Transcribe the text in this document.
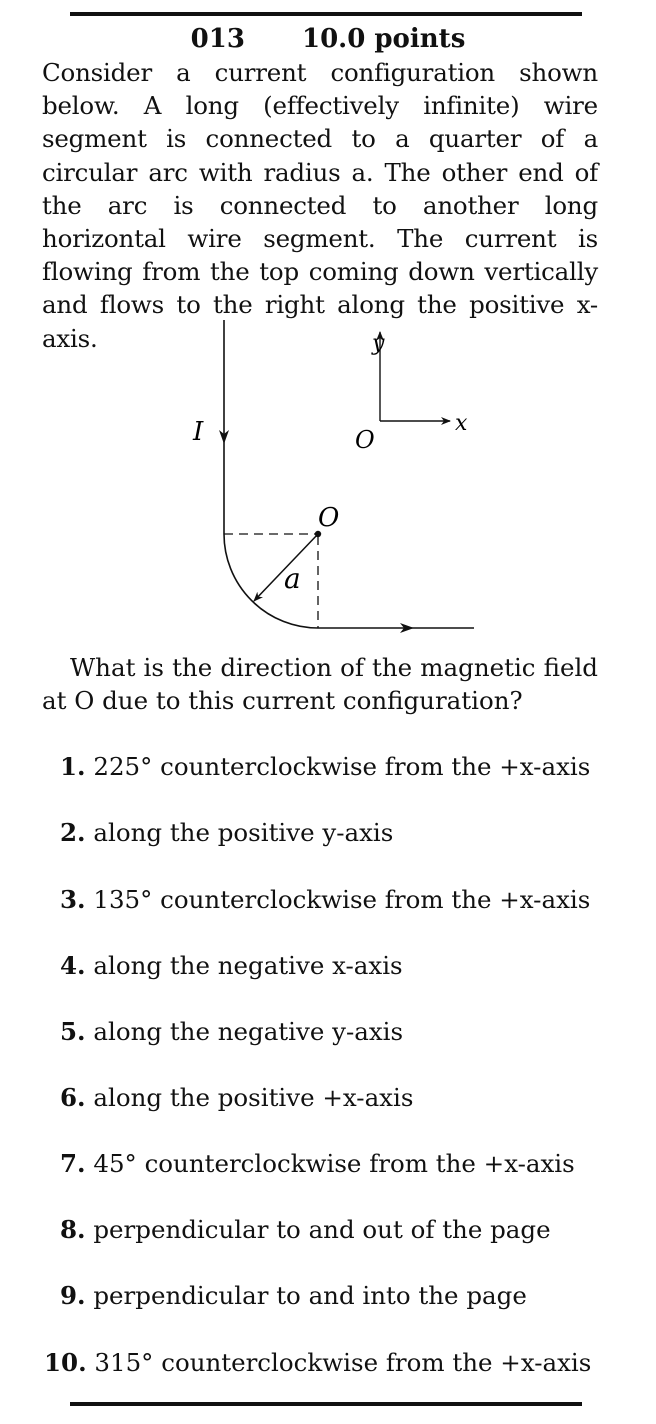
013 10.0 points
Consider a current configuration shown below. A long (effectively infinite) wire segment is connected to a quarter of a circular arc with radius a. The other end of the arc is connected to another long horizontal wire segment. The current is flowing from the top coming down vertically and flows to the right along the positive x-axis.
I
a
O
y
x
O
What is the direction of the magnetic field at O due to this current configuration?
1. 225° counterclockwise from the +x-axis
2. along the positive y-axis
3. 135° counterclockwise from the +x-axis
4. along the negative x-axis
5. along the negative y-axis
6. along the positive +x-axis
7. 45° counterclockwise from the +x-axis
8. perpendicular to and out of the page
9. perpendicular to and into the page
10. 315° counterclockwise from the +x-axis
